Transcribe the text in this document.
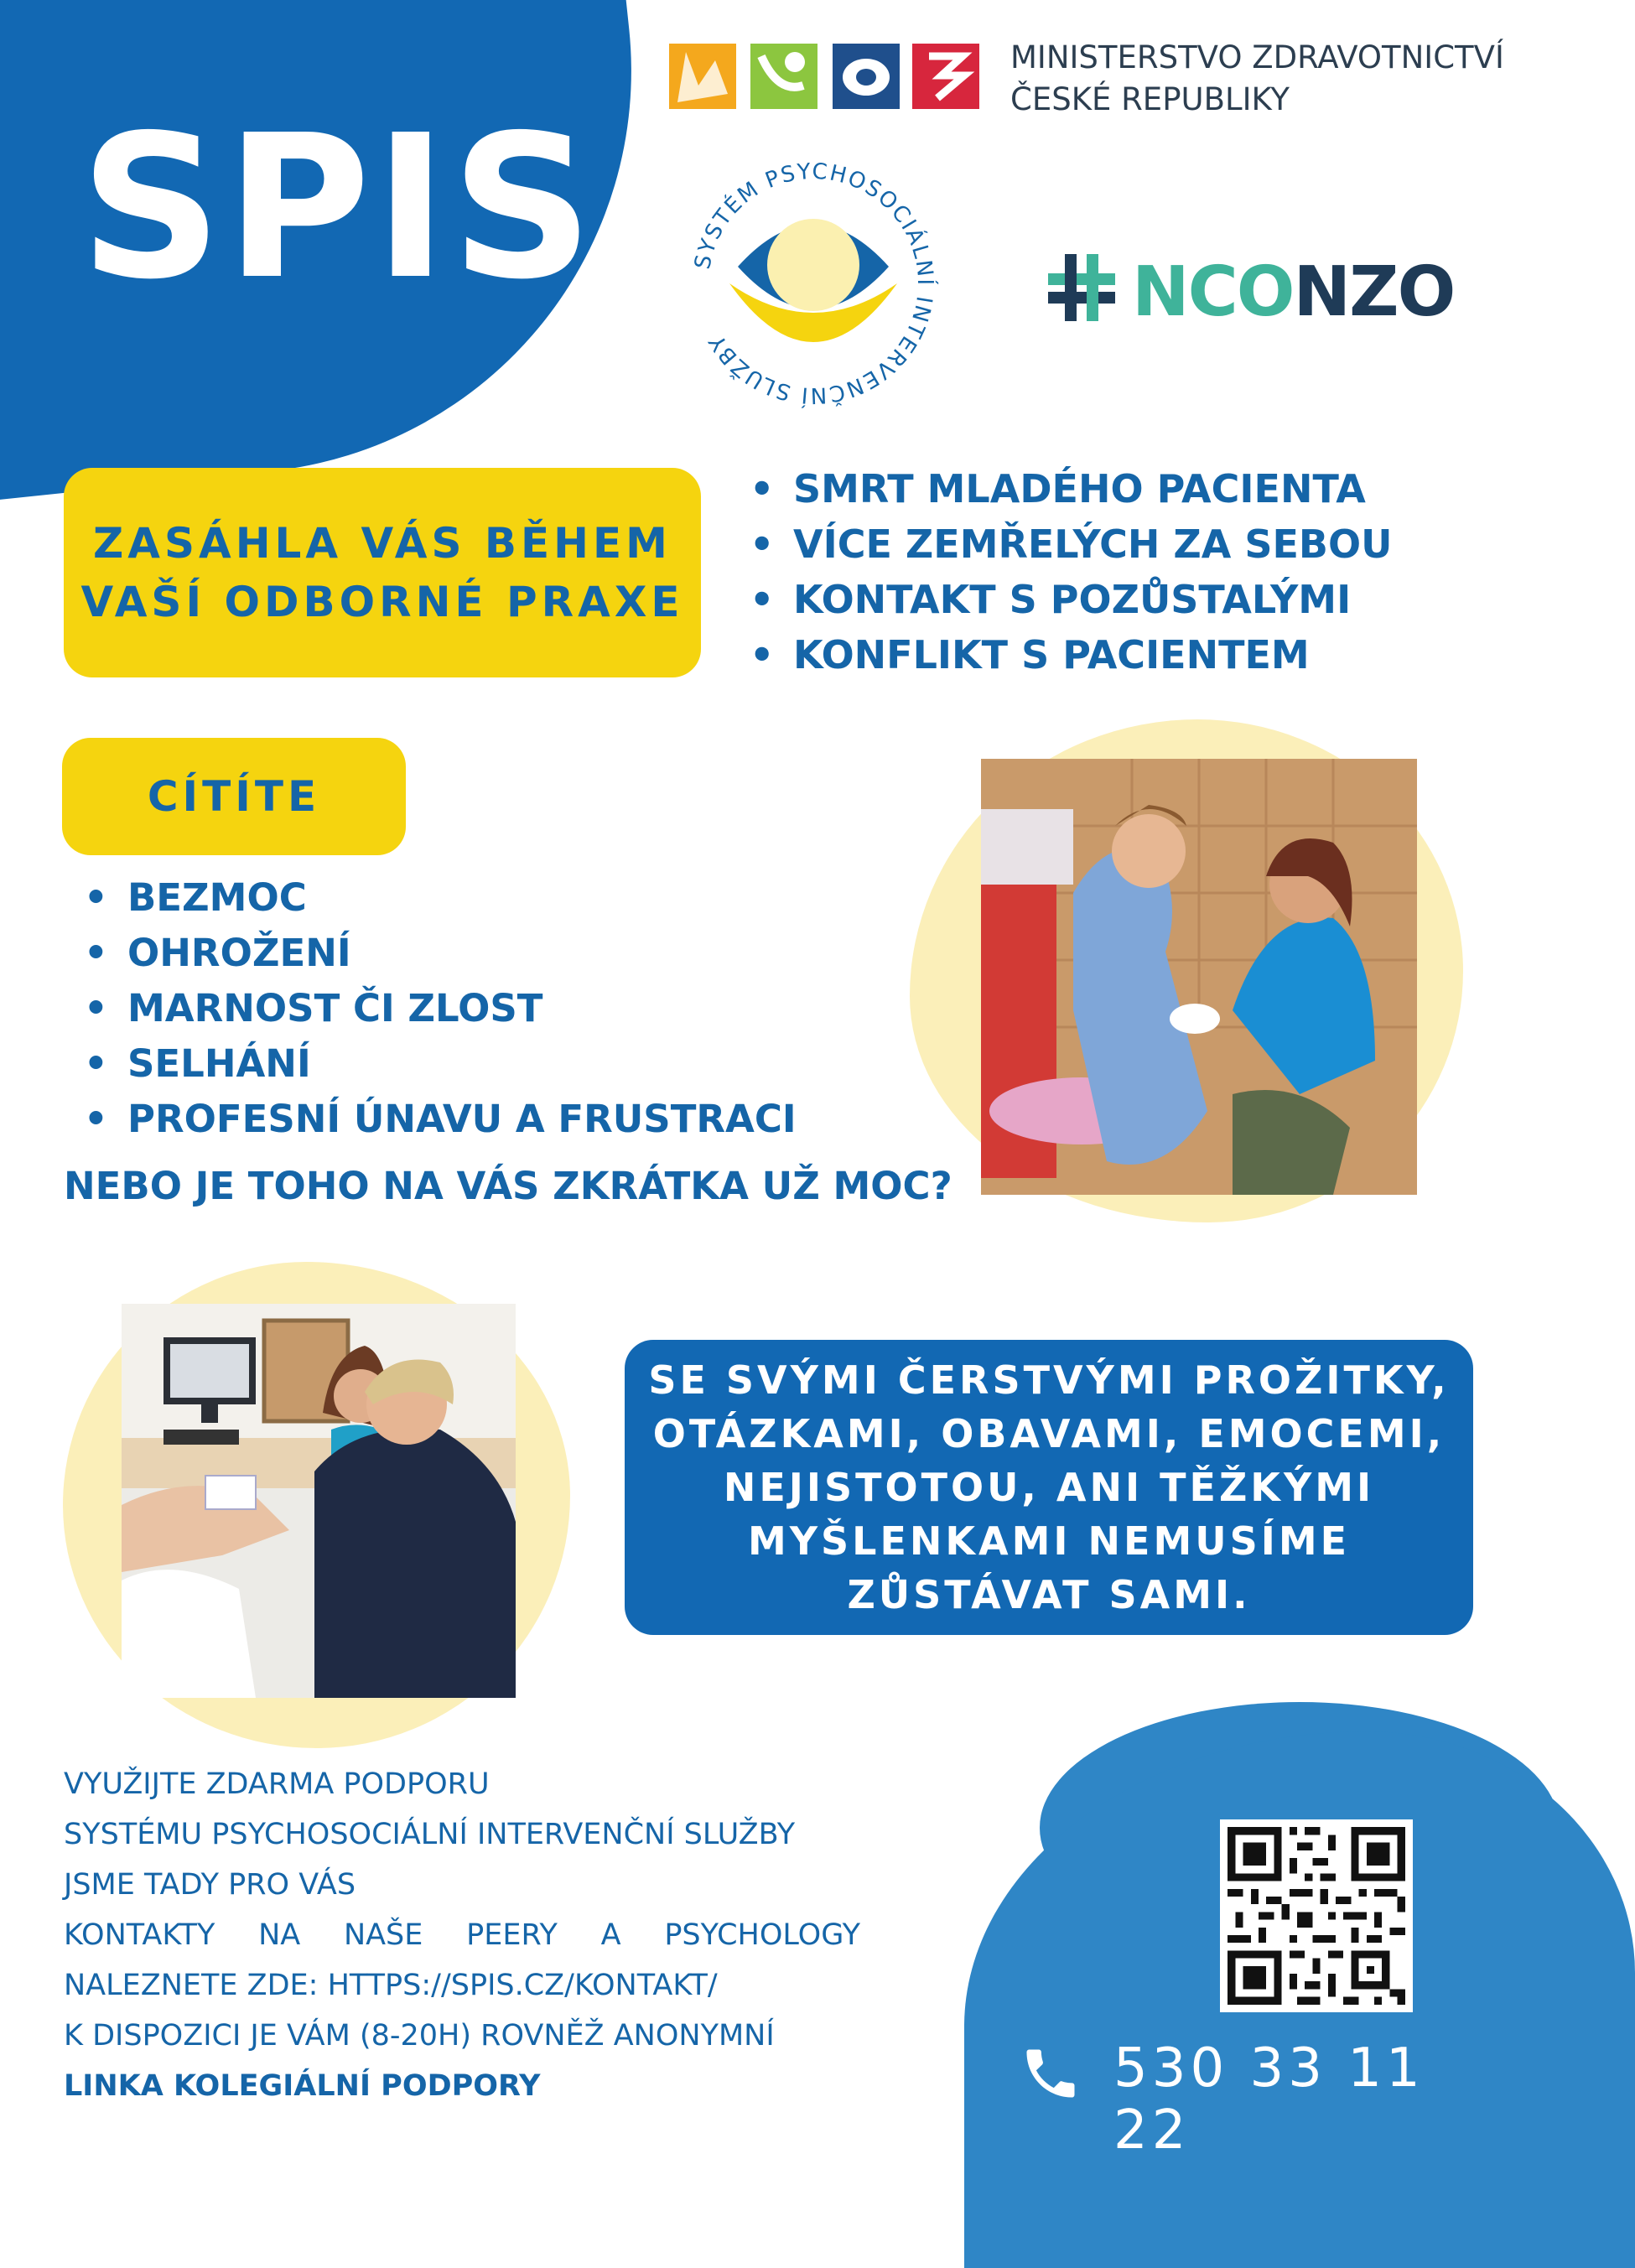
SPIS
MINISTERSTVO ZDRAVOTNICTVÍ
ČESKÉ REPUBLIKY
SYSTÉM PSYCHOSOCIÁLNÍ INTERVENČNÍ SLUŽBY
NCONZO
ZASÁHLA VÁS BĚHEM
VAŠÍ ODBORNÉ PRAXE
• SMRT MLADÉHO PACIENTA
• VÍCE ZEMŘELÝCH ZA SEBOU
• KONTAKT S POZŮSTALÝMI
• KONFLIKT S PACIENTEM
CÍTÍTE
• BEZMOC
• OHROŽENÍ
• MARNOST ČI ZLOST
• SELHÁNÍ
• PROFESNÍ ÚNAVU A FRUSTRACI
NEBO JE TOHO NA VÁS ZKRÁTKA UŽ MOC?
SE SVÝMI ČERSTVÝMI PROŽITKY,
OTÁZKAMI, OBAVAMI, EMOCEMI,
NEJISTOTOU, ANI TĚŽKÝMI
MYŠLENKAMI NEMUSÍME
ZŮSTÁVAT SAMI.
VYUŽIJTE ZDARMA PODPORU
SYSTÉMU PSYCHOSOCIÁLNÍ INTERVENČNÍ SLUŽBY
JSME TADY PRO VÁS
KONTAKTY NA NAŠE PEERY A PSYCHOLOGY
NALEZNETE ZDE: HTTPS://SPIS.CZ/KONTAKT/
K DISPOZICI JE VÁM (8-20H) ROVNĚŽ ANONYMNÍ
LINKA KOLEGIÁLNÍ PODPORY	530 33 11 22
